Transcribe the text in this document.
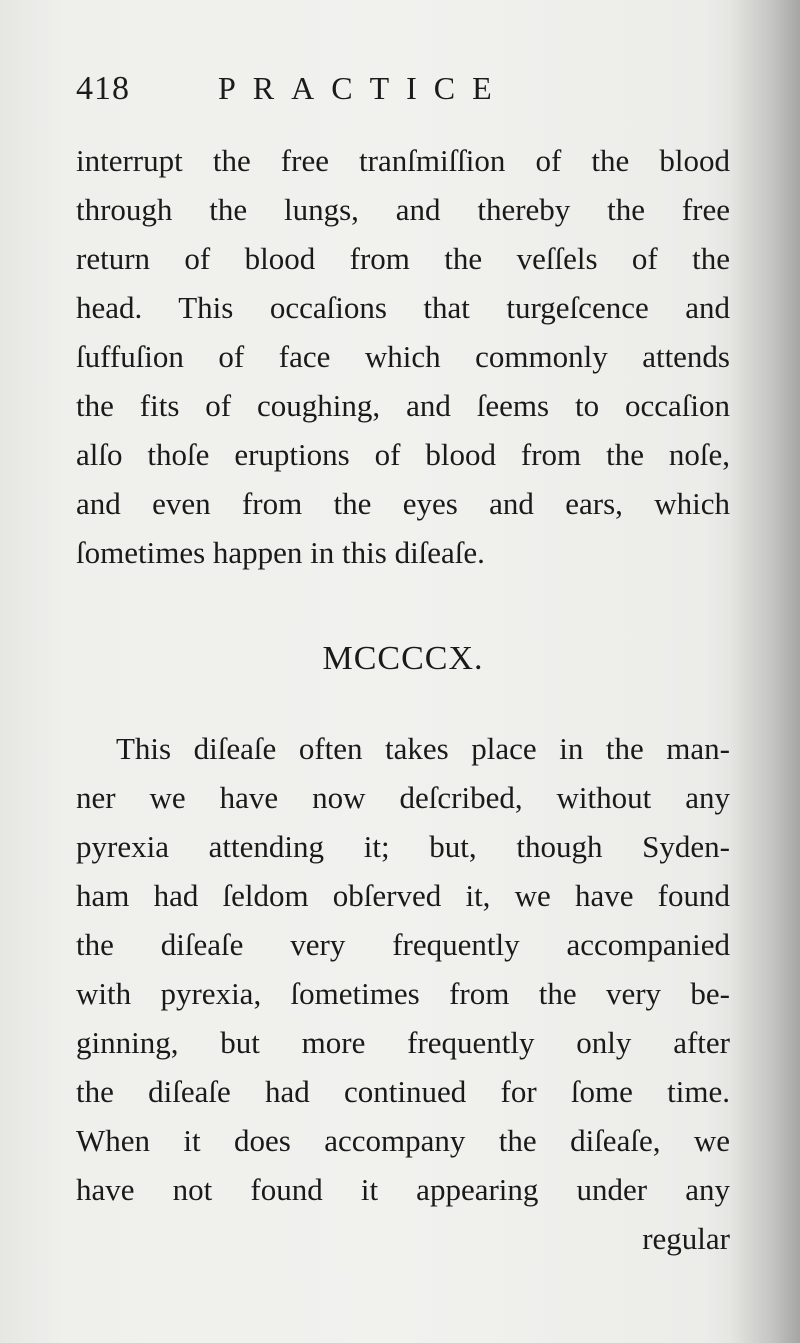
418	PRACTICE
interrupt the free tranſmiſſion of the blood
through the lungs, and thereby the free
return of blood from the veſſels of the
head. This occaſions that turgeſcence and
ſuffuſion of face which commonly attends
the fits of coughing, and ſeems to occaſion
alſo thoſe eruptions of blood from the noſe,
and even from the eyes and ears, which
ſometimes happen in this diſeaſe.
MCCCCX.
This diſeaſe often takes place in the man-
ner we have now deſcribed, without any
pyrexia attending it; but, though Syden-
ham had ſeldom obſerved it, we have found
the diſeaſe very frequently accompanied
with pyrexia, ſometimes from the very be-
ginning, but more frequently only after
the diſeaſe had continued for ſome time.
When it does accompany the diſeaſe, we
have not found it appearing under any
regular
